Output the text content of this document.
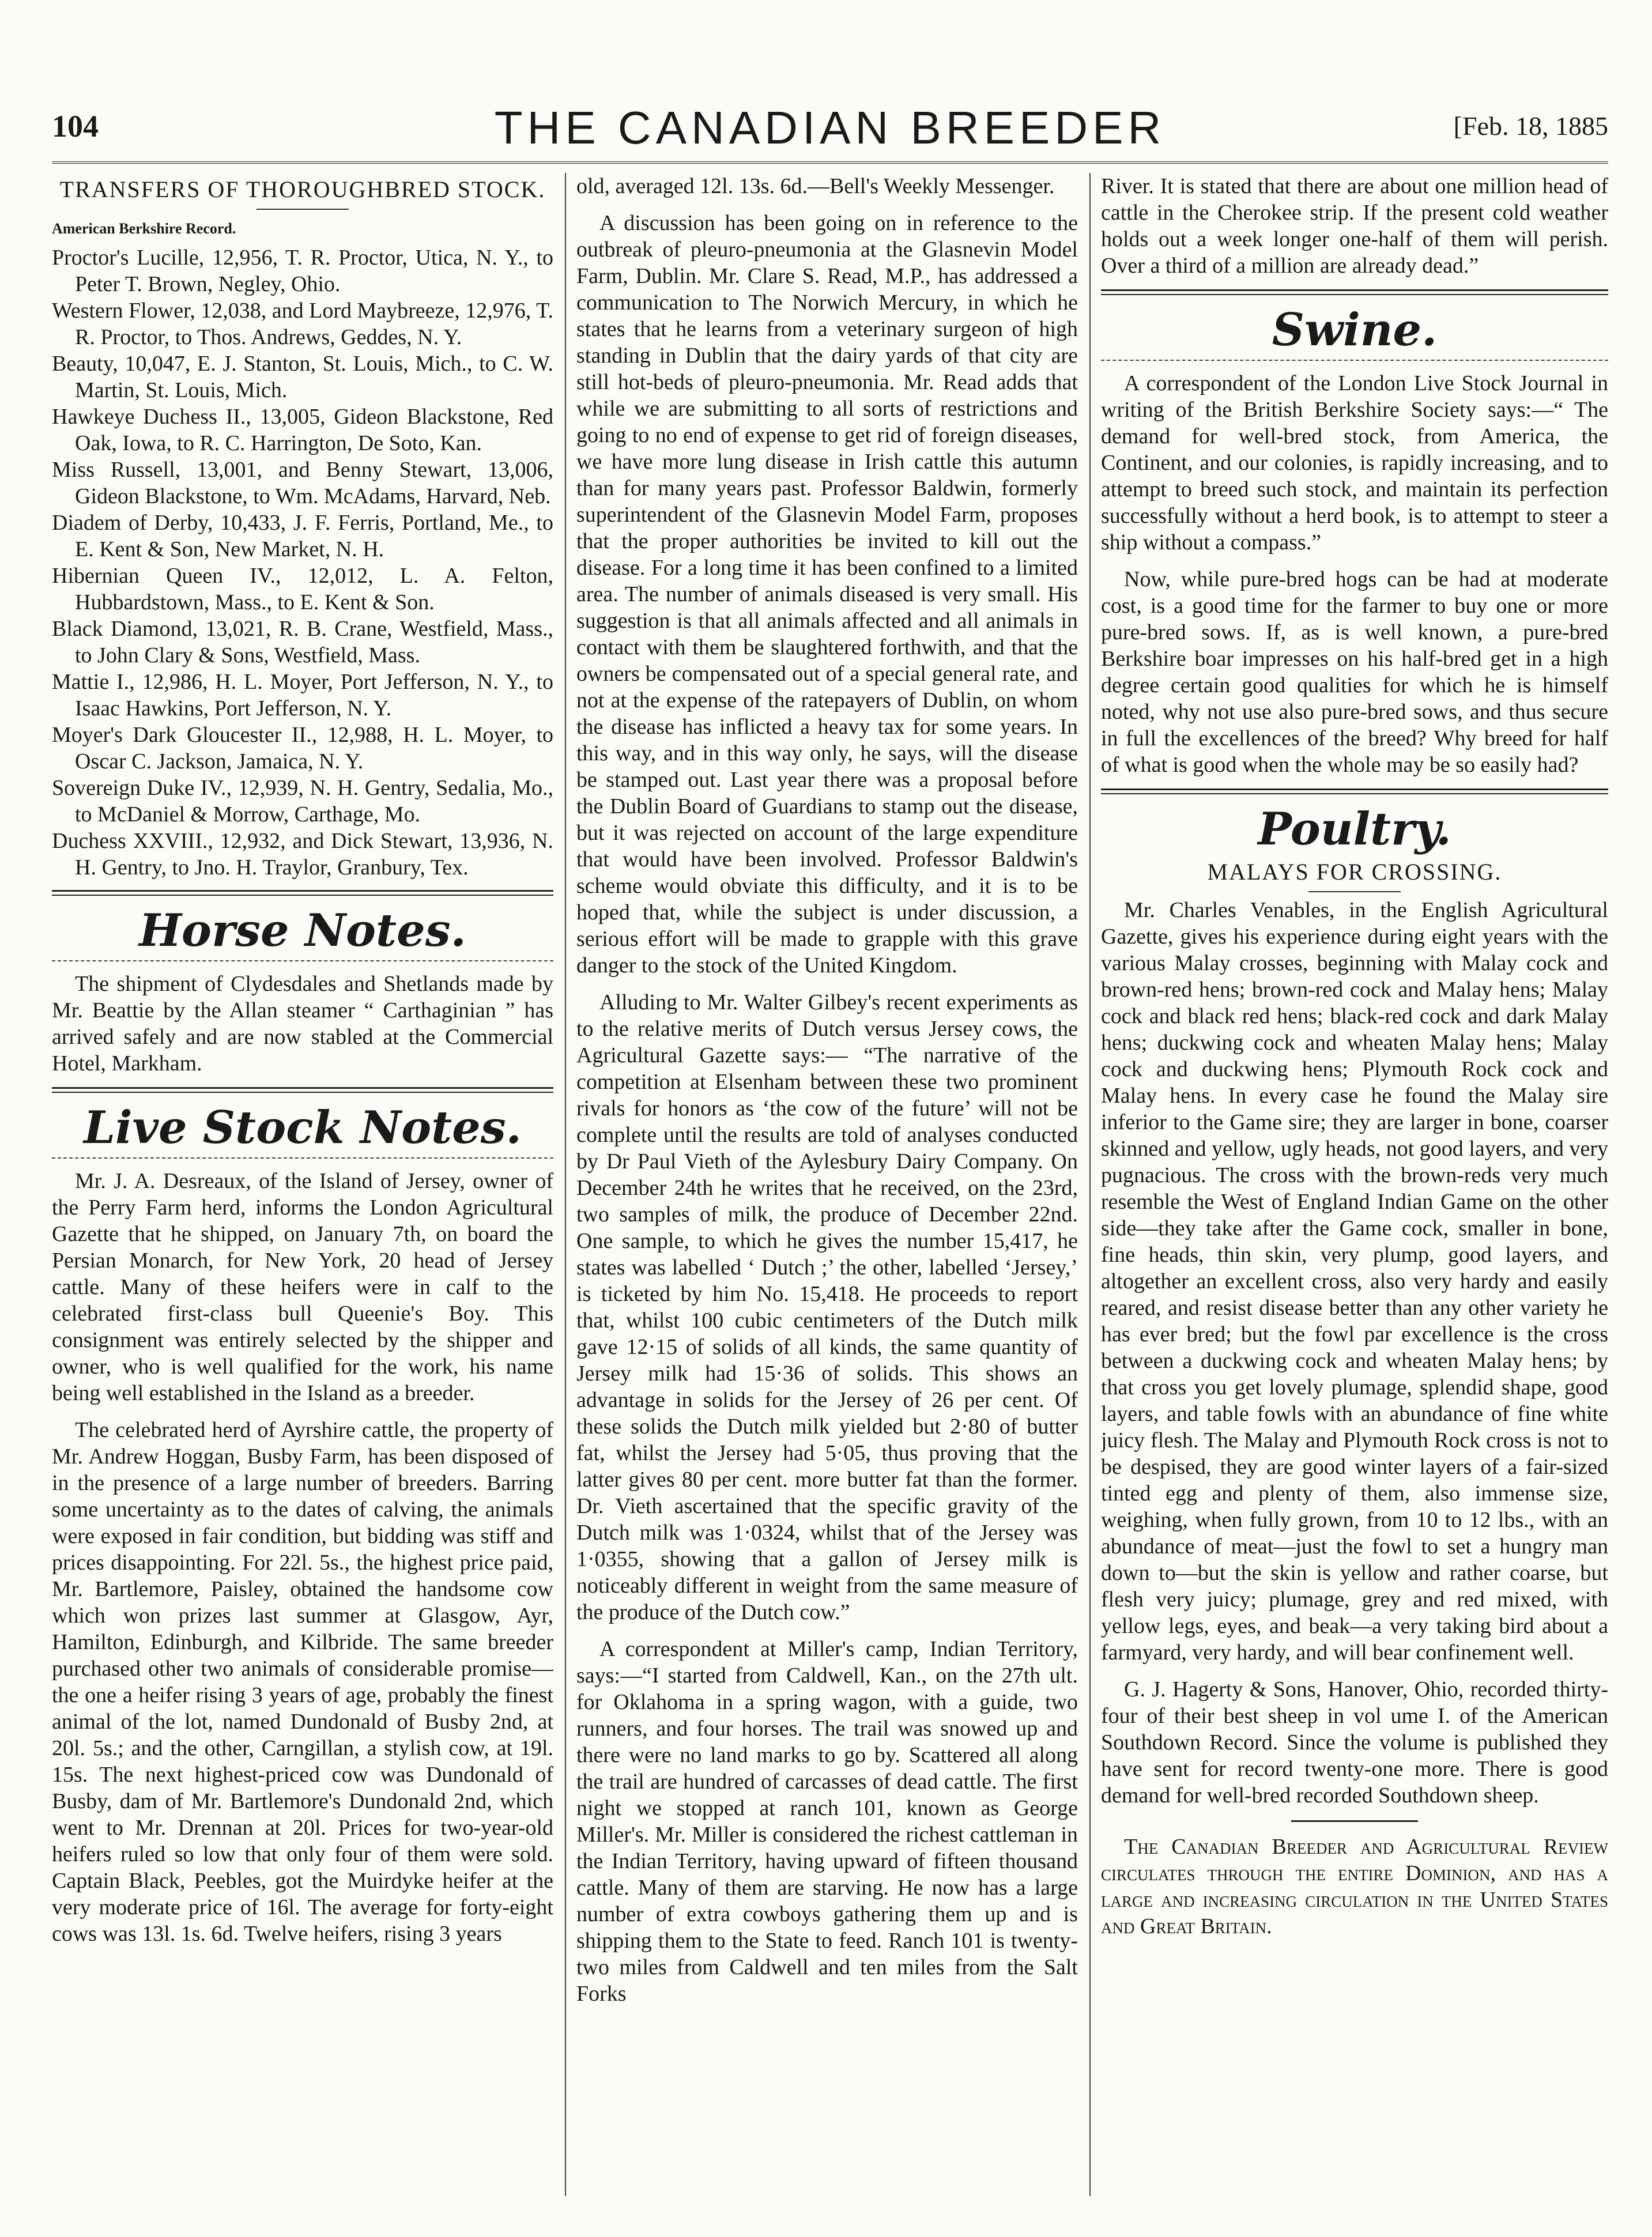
104	THE CANADIAN BREEDER	[Feb. 18, 1885
TRANSFERS OF THOROUGHBRED STOCK.
American Berkshire Record.

Proctor's Lucille, 12,956, T. R. Proctor, Utica, N. Y., to Peter T. Brown, Negley, Ohio.

Western Flower, 12,038, and Lord Maybreeze, 12,976, T. R. Proctor, to Thos. Andrews, Geddes, N. Y.

Beauty, 10,047, E. J. Stanton, St. Louis, Mich., to C. W. Martin, St. Louis, Mich.

Hawkeye Duchess II., 13,005, Gideon Blackstone, Red Oak, Iowa, to R. C. Harrington, De Soto, Kan.

Miss Russell, 13,001, and Benny Stewart, 13,006, Gideon Blackstone, to Wm. McAdams, Harvard, Neb.

Diadem of Derby, 10,433, J. F. Ferris, Portland, Me., to E. Kent & Son, New Market, N. H.

Hibernian Queen IV., 12,012, L. A. Felton, Hubbardstown, Mass., to E. Kent & Son.

Black Diamond, 13,021, R. B. Crane, Westfield, Mass., to John Clary & Sons, Westfield, Mass.

Mattie I., 12,986, H. L. Moyer, Port Jefferson, N. Y., to Isaac Hawkins, Port Jefferson, N. Y.

Moyer's Dark Gloucester II., 12,988, H. L. Moyer, to Oscar C. Jackson, Jamaica, N. Y.

Sovereign Duke IV., 12,939, N. H. Gentry, Sedalia, Mo., to McDaniel & Morrow, Carthage, Mo.

Duchess XXVIII., 12,932, and Dick Stewart, 13,936, N. H. Gentry, to Jno. H. Traylor, Granbury, Tex.

Horse Notes.

The shipment of Clydesdales and Shetlands made by Mr. Beattie by the Allan steamer “ Carthaginian ” has arrived safely and are now stabled at the Commercial Hotel, Markham.

Live Stock Notes.

Mr. J. A. Desreaux, of the Island of Jersey, owner of the Perry Farm herd, informs the London Agricultural Gazette that he shipped, on January 7th, on board the Persian Monarch, for New York, 20 head of Jersey cattle. Many of these heifers were in calf to the celebrated first-class bull Queenie's Boy. This consignment was entirely selected by the shipper and owner, who is well qualified for the work, his name being well established in the Island as a breeder.

The celebrated herd of Ayrshire cattle, the property of Mr. Andrew Hoggan, Busby Farm, has been disposed of in the presence of a large number of breeders. Barring some uncertainty as to the dates of calving, the animals were exposed in fair condition, but bidding was stiff and prices disappointing. For 22l. 5s., the highest price paid, Mr. Bartlemore, Paisley, obtained the handsome cow which won prizes last summer at Glasgow, Ayr, Hamilton, Edinburgh, and Kilbride. The same breeder purchased other two animals of considerable promise—the one a heifer rising 3 years of age, probably the finest animal of the lot, named Dundonald of Busby 2nd, at 20l. 5s.; and the other, Carngillan, a stylish cow, at 19l. 15s. The next highest-priced cow was Dundonald of Busby, dam of Mr. Bartlemore's Dundonald 2nd, which went to Mr. Drennan at 20l. Prices for two-year-old heifers ruled so low that only four of them were sold. Captain Black, Peebles, got the Muirdyke heifer at the very moderate price of 16l. The average for forty-eight cows was 13l. 1s. 6d. Twelve heifers, rising 3 years

old, averaged 12l. 13s. 6d.—Bell's Weekly Messenger.

A discussion has been going on in reference to the outbreak of pleuro-pneumonia at the Glasnevin Model Farm, Dublin. Mr. Clare S. Read, M.P., has addressed a communication to The Norwich Mercury, in which he states that he learns from a veterinary surgeon of high standing in Dublin that the dairy yards of that city are still hot-beds of pleuro-pneumonia. Mr. Read adds that while we are submitting to all sorts of restrictions and going to no end of expense to get rid of foreign diseases, we have more lung disease in Irish cattle this autumn than for many years past. Professor Baldwin, formerly superintendent of the Glasnevin Model Farm, proposes that the proper authorities be invited to kill out the disease. For a long time it has been confined to a limited area. The number of animals diseased is very small. His suggestion is that all animals affected and all animals in contact with them be slaughtered forthwith, and that the owners be compensated out of a special general rate, and not at the expense of the ratepayers of Dublin, on whom the disease has inflicted a heavy tax for some years. In this way, and in this way only, he says, will the disease be stamped out. Last year there was a proposal before the Dublin Board of Guardians to stamp out the disease, but it was rejected on account of the large expenditure that would have been involved. Professor Baldwin's scheme would obviate this difficulty, and it is to be hoped that, while the subject is under discussion, a serious effort will be made to grapple with this grave danger to the stock of the United Kingdom.

Alluding to Mr. Walter Gilbey's recent experiments as to the relative merits of Dutch versus Jersey cows, the Agricultural Gazette says:— “The narrative of the competition at Elsenham between these two prominent rivals for honors as ‘the cow of the future’ will not be complete until the results are told of analyses conducted by Dr Paul Vieth of the Aylesbury Dairy Company. On December 24th he writes that he received, on the 23rd, two samples of milk, the produce of December 22nd. One sample, to which he gives the number 15,417, he states was labelled ‘ Dutch ;’ the other, labelled ‘Jersey,’ is ticketed by him No. 15,418. He proceeds to report that, whilst 100 cubic centimeters of the Dutch milk gave 12·15 of solids of all kinds, the same quantity of Jersey milk had 15·36 of solids. This shows an advantage in solids for the Jersey of 26 per cent. Of these solids the Dutch milk yielded but 2·80 of butter fat, whilst the Jersey had 5·05, thus proving that the latter gives 80 per cent. more butter fat than the former. Dr. Vieth ascertained that the specific gravity of the Dutch milk was 1·0324, whilst that of the Jersey was 1·0355, showing that a gallon of Jersey milk is noticeably different in weight from the same measure of the produce of the Dutch cow.”

A correspondent at Miller's camp, Indian Territory, says:—“I started from Caldwell, Kan., on the 27th ult. for Oklahoma in a spring wagon, with a guide, two runners, and four horses. The trail was snowed up and there were no land marks to go by. Scattered all along the trail are hundred of carcasses of dead cattle. The first night we stopped at ranch 101, known as George Miller's. Mr. Miller is considered the richest cattleman in the Indian Territory, having upward of fifteen thousand cattle. Many of them are starving. He now has a large number of extra cowboys gathering them up and is shipping them to the State to feed. Ranch 101 is twenty-two miles from Caldwell and ten miles from the Salt Forks

River. It is stated that there are about one million head of cattle in the Cherokee strip. If the present cold weather holds out a week longer one-half of them will perish. Over a third of a million are already dead.”

Swine.

A correspondent of the London Live Stock Journal in writing of the British Berkshire Society says:—“ The demand for well-bred stock, from America, the Continent, and our colonies, is rapidly increasing, and to attempt to breed such stock, and maintain its perfection successfully without a herd book, is to attempt to steer a ship without a compass.”

Now, while pure-bred hogs can be had at moderate cost, is a good time for the farmer to buy one or more pure-bred sows. If, as is well known, a pure-bred Berkshire boar impresses on his half-bred get in a high degree certain good qualities for which he is himself noted, why not use also pure-bred sows, and thus secure in full the excellences of the breed? Why breed for half of what is good when the whole may be so easily had?

Poultry.
MALAYS FOR CROSSING.

Mr. Charles Venables, in the English Agricultural Gazette, gives his experience during eight years with the various Malay crosses, beginning with Malay cock and brown-red hens; brown-red cock and Malay hens; Malay cock and black red hens; black-red cock and dark Malay hens; duckwing cock and wheaten Malay hens; Malay cock and duckwing hens; Plymouth Rock cock and Malay hens. In every case he found the Malay sire inferior to the Game sire; they are larger in bone, coarser skinned and yellow, ugly heads, not good layers, and very pugnacious. The cross with the brown-reds very much resemble the West of England Indian Game on the other side—they take after the Game cock, smaller in bone, fine heads, thin skin, very plump, good layers, and altogether an excellent cross, also very hardy and easily reared, and resist disease better than any other variety he has ever bred; but the fowl par excellence is the cross between a duckwing cock and wheaten Malay hens; by that cross you get lovely plumage, splendid shape, good layers, and table fowls with an abundance of fine white juicy flesh. The Malay and Plymouth Rock cross is not to be despised, they are good winter layers of a fair-sized tinted egg and plenty of them, also immense size, weighing, when fully grown, from 10 to 12 lbs., with an abundance of meat—just the fowl to set a hungry man down to—but the skin is yellow and rather coarse, but flesh very juicy; plumage, grey and red mixed, with yellow legs, eyes, and beak—a very taking bird about a farmyard, very hardy, and will bear confinement well.

G. J. Hagerty & Sons, Hanover, Ohio, recorded thirty-four of their best sheep in vol ume I. of the American Southdown Record. Since the volume is published they have sent for record twenty-one more. There is good demand for well-bred recorded Southdown sheep.

The Canadian Breeder and Agricultural Review circulates through the entire Dominion, and has a large and increasing circulation in the United States and Great Britain.
